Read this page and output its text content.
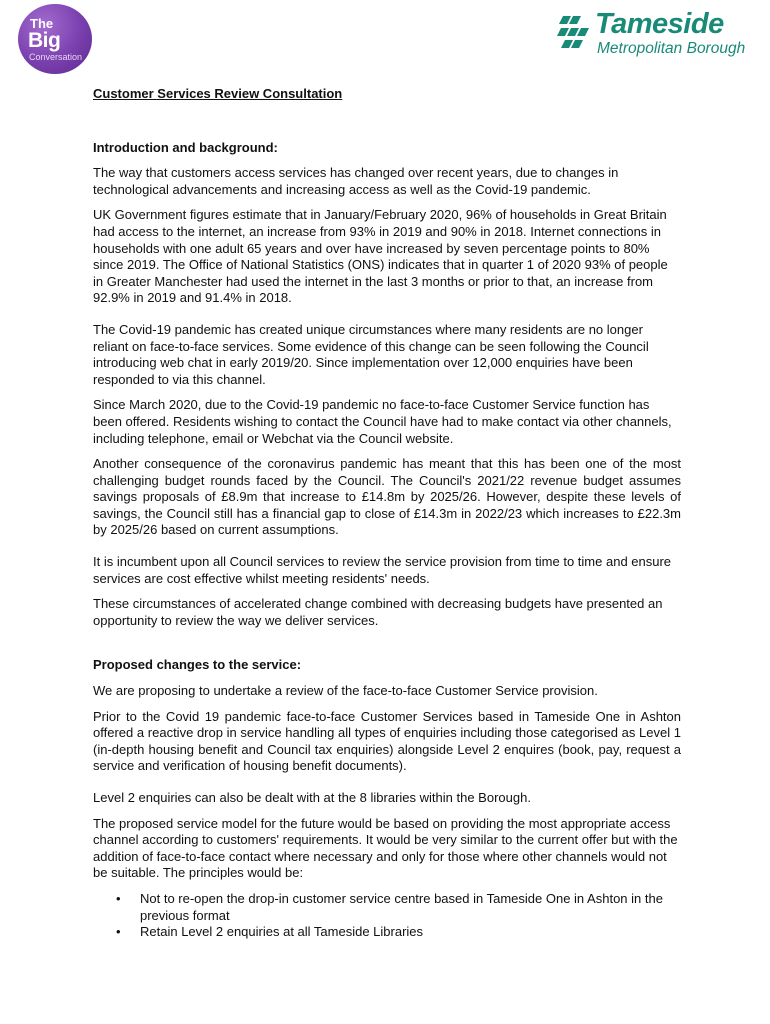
The
Big
Conversation
Tameside
Metropolitan Borough

Customer Services Review Consultation

Introduction and background:

The way that customers access services has changed over recent years, due to changes in technological advancements and increasing access as well as the Covid-19 pandemic.

UK Government figures estimate that in January/February 2020, 96% of households in Great Britain had access to the internet, an increase from 93% in 2019 and 90% in 2018. Internet connections in households with one adult 65 years and over have increased by seven percentage points to 80% since 2019. The Office of National Statistics (ONS) indicates that in quarter 1 of 2020 93% of people in Greater Manchester had used the internet in the last 3 months or prior to that, an increase from 92.9% in 2019 and 91.4% in 2018.

The Covid-19 pandemic has created unique circumstances where many residents are no longer reliant on face-to-face services. Some evidence of this change can be seen following the Council introducing web chat in early 2019/20. Since implementation over 12,000 enquiries have been responded to via this channel.

Since March 2020, due to the Covid-19 pandemic no face-to-face Customer Service function has been offered. Residents wishing to contact the Council have had to make contact via other channels, including telephone, email or Webchat via the Council website.

Another consequence of the coronavirus pandemic has meant that this has been one of the most challenging budget rounds faced by the Council. The Council's 2021/22 revenue budget assumes savings proposals of £8.9m that increase to £14.8m by 2025/26. However, despite these levels of savings, the Council still has a financial gap to close of £14.3m in 2022/23 which increases to £22.3m by 2025/26 based on current assumptions.

It is incumbent upon all Council services to review the service provision from time to time and ensure services are cost effective whilst meeting residents' needs.

These circumstances of accelerated change combined with decreasing budgets have presented an opportunity to review the way we deliver services.

Proposed changes to the service:

We are proposing to undertake a review of the face-to-face Customer Service provision.

Prior to the Covid 19 pandemic face-to-face Customer Services based in Tameside One in Ashton offered a reactive drop in service handling all types of enquiries including those categorised as Level 1 (in-depth housing benefit and Council tax enquiries) alongside Level 2 enquires (book, pay, request a service and verification of housing benefit documents).

Level 2 enquiries can also be dealt with at the 8 libraries within the Borough.

The proposed service model for the future would be based on providing the most appropriate access channel according to customers' requirements. It would be very similar to the current offer but with the addition of face-to-face contact where necessary and only for those where other channels would not be suitable. The principles would be:

• Not to re-open the drop-in customer service centre based in Tameside One in Ashton in the previous format
• Retain Level 2 enquiries at all Tameside Libraries
